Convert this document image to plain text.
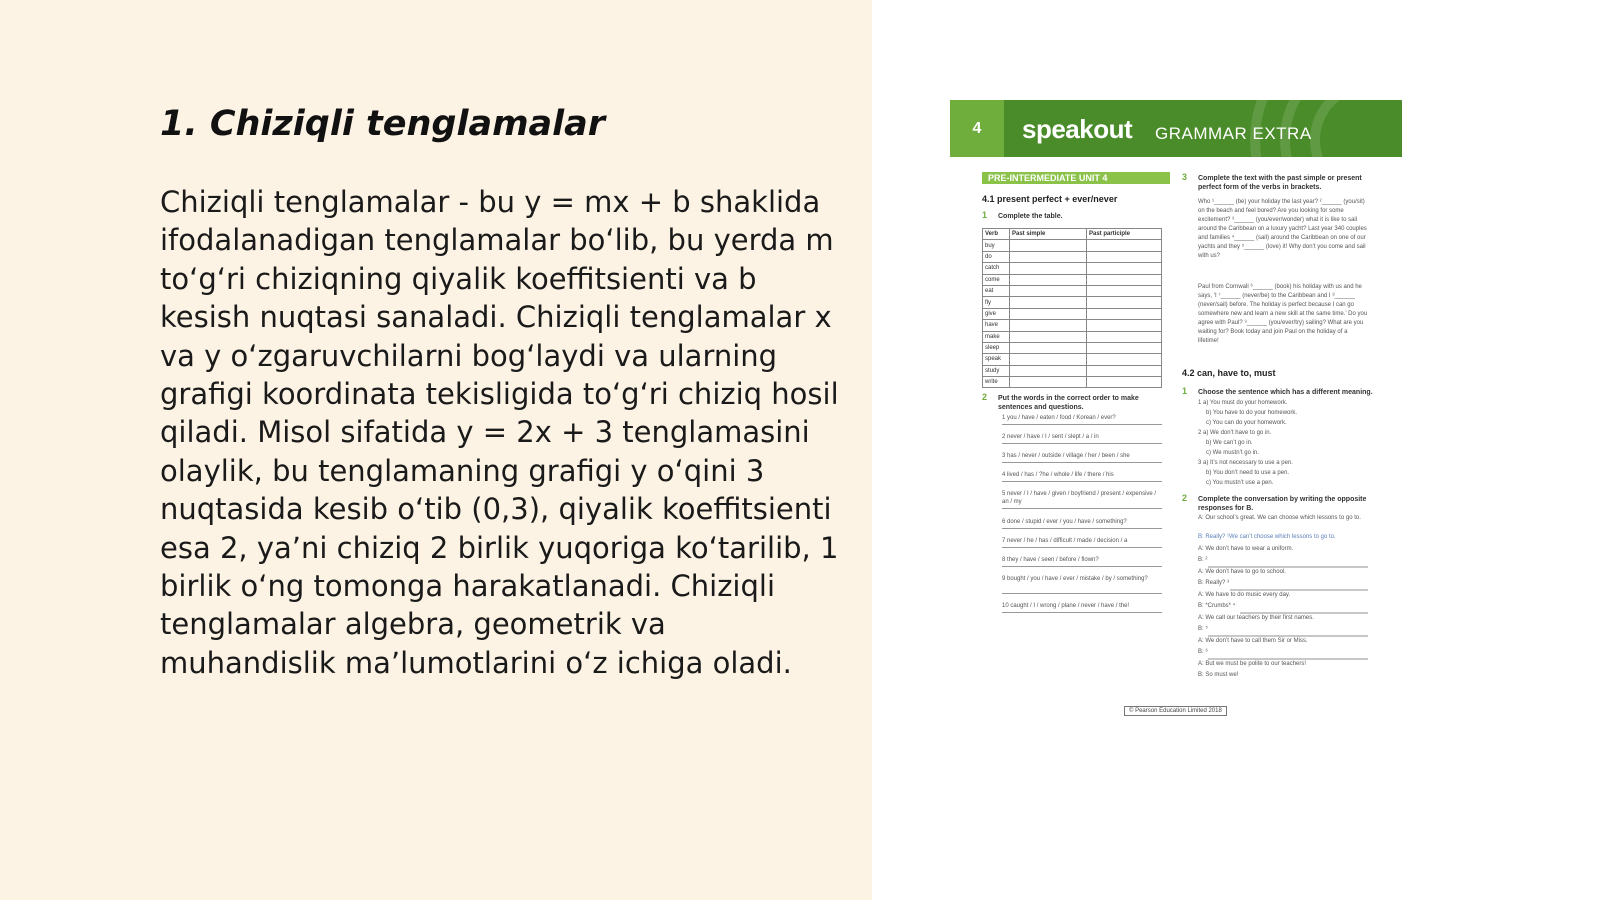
1. Chiziqli tenglamalar

Chiziqli tenglamalar - bu y = mx + b shaklida ifodalanadigan tenglamalar bo‘lib, bu yerda m to‘g‘ri chiziqning qiyalik koeffitsienti va b kesish nuqtasi sanaladi. Chiziqli tenglamalar x va y o‘zgaruvchilarni bog‘laydi va ularning grafigi koordinata tekisligida to‘g‘ri chiziq hosil qiladi. Misol sifatida y = 2x + 3 tenglamasini olaylik, bu tenglamaning grafigi y o‘qini 3 nuqtasida kesib o‘tib (0,3), qiyalik koeffitsienti esa 2, ya’ni chiziq 2 birlik yuqoriga ko‘tarilib, 1 birlik o‘ng tomonga harakatlanadi. Chiziqli tenglamalar algebra, geometrik va muhandislik ma’lumotlarini o‘z ichiga oladi.

4	speakout GRAMMAR EXTRA
PRE-INTERMEDIATE UNIT 4
4.1 present perfect + ever/never
1 Complete the table.
Verb	Past simple	Past participle
buy		
do		
catch		
come		
eat		
fly		
give		
have		
make		
sleep		
speak		
study		
write		
2 Put the words in the correct order to make sentences and questions.
1 you / have / eaten / food / Korean / ever?
2 never / have / I / sent / slept / a / in
3 has / never / outside / village / her / been / she
4 lived / has / ?he / whole / life / there / his
5 never / I / have / given / boyfriend / present / expensive / an / my
6 done / stupid / ever / you / have / something?
7 never / he / has / difficult / made / decision / a
8 they / have / seen / before / flown?
9 bought / you / have / ever / mistake / by / something?
10 caught / I / wrong / plane / never / have / the!
3 Complete the text with the past simple or present perfect form of the verbs in brackets.
Who ¹______ (be) your holiday the last year? ²______ (you/sit) on the beach and feel bored? Are you looking for some excitement? ³______ (you/ever/wonder) what it is like to sail around the Caribbean on a luxury yacht? Last year 340 couples and families ⁴______ (sail) around the Caribbean on one of our yachts and they ⁵______ (love) it! Why don’t you come and sail with us?
Paul from Cornwall ⁶______ (book) his holiday with us and he says, ‘I ⁷______ (never/be) to the Caribbean and I ⁸______ (never/sail) before. The holiday is perfect because I can go somewhere new and learn a new skill at the same time.’ Do you agree with Paul? ⁹______ (you/ever/try) sailing? What are you waiting for? Book today and join Paul on the holiday of a lifetime!
4.2 can, have to, must
1 Choose the sentence which has a different meaning.
1 a) You must do your homework.
b) You have to do your homework.
c) You can do your homework.
2 a) We don’t have to go in.
b) We can’t go in.
c) We mustn’t go in.
3 a) It’s not necessary to use a pen.
b) You don’t need to use a pen.
c) You mustn’t use a pen.
2 Complete the conversation by writing the opposite responses for B.
A: Our school’s great. We can choose which lessons to go to.
B: Really? ¹We can’t choose which lessons to go to.
A: We don’t have to wear a uniform.
B: ²
A: We don’t have to go to school.
B: Really? ³
A: We have to do music every day.
B: *Crumbs* ⁴
A: We call our teachers by their first names.
B: ⁵
A: We don’t have to call them Sir or Miss.
B: ⁶
A: But we must be polite to our teachers!
B: So must we!
© Pearson Education Limited 2018
